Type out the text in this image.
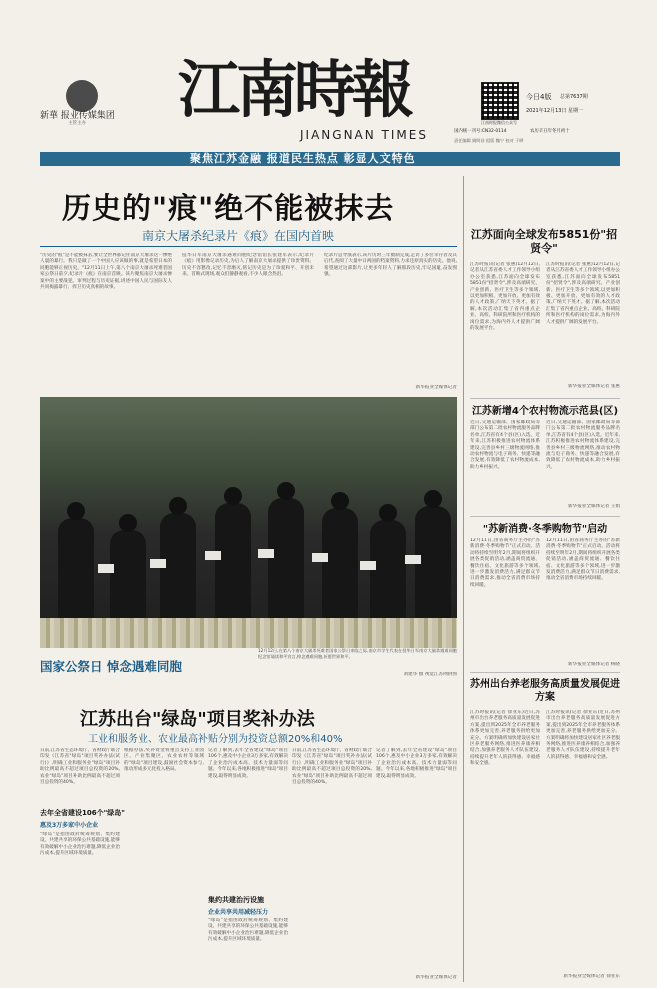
新華 报业传媒集团
主管主办 江南時報
JIANGNAN TIMES
江南时报微信公众号
今日4版 总第7637期
2021年12月13日 星期一
国内统一刊号:CN32-0114	农历辛丑年冬月初十
责任编辑 姚明昌 组版 魏宁 校对 于晔
聚焦江苏金融 报道民生热点 彰显人文特色
历史的"痕"绝不能被抹去
南京大屠杀纪录片《痕》在国内首映
"历史的"痕"是不能被抹去,要让全世界都记住南京大屠杀这一惨绝人寰的暴行。我只是做了一个中国人应该做的事,就是希望日本的同胞能够正视历史。"12月11日上午,第八个南京大屠杀死难者国家公祭日前夕,纪录片《痕》在南京首映。该片聚焦南京大屠杀惨案中的主要战犯、审判过程与历史证据,讲述中国人民与国际友人共同揭露暴行、捍卫历史真相的故事。
侵华日军南京大屠杀遇难同胞纪念馆馆长张建军表示,纪录片《痕》用影像记录历史,为后人了解南京大屠杀提供了珍贵资料。历史不容篡改,记忆不容磨灭,铭记历史是为了珍爱和平、开创未来。首映式现场,观众们静静观看,不少人眼含热泪。
纪录片总导演表示,该片历时三年摄制完成,走访了多位幸存者及其后代,查阅了大量中日两国的档案资料,力求还原真实的历史。他说,希望通过这部影片,让更多年轻人了解那段历史,牢记国耻,奋发图强。
新华报业全媒体记者
12月12日,在第八个南京大屠杀死难者国家公祭日来临之际,南京市学生代表在侵华日军南京大屠杀遇难同胞纪念馆诵读和平宣言,悼念遇难同胞,祈愿世界和平。
国家公祭日 悼念遇难同胞
刘建华 摄 视觉江苏网供图
江苏出台"绿岛"项目奖补办法
工业和服务业、农业最高补贴分别为投资总额20%和40%
日前,江苏省生态环境厅、省财政厅联合印发《江苏省"绿岛"项目奖补办法(试行)》,明确工业和服务业"绿岛"项目补助比例最高不超过项目总投资的20%,农业"绿岛"项目补助比例最高不超过项目总投资的40%。
去年全省建设106个"绿岛"
惠及3万多家中小企业
"绿岛"是指由政府统筹规划、集约建设、共建共享的环保公共基础设施,能够有效破解中小企业治污难题,降低企业治污成本,提升区域环境质量。
根据办法,奖补资金将重点支持工业园区、产业集聚区、农业农村等领域的"绿岛"项目建设,鼓励社会资本参与,推动形成多元化投入格局。
记者了解到,去年全省建设"绿岛"项目106个,惠及中小企业3万多家,有效解决了企业治污成本高、技术力量弱等问题。今年以来,各地积极推进"绿岛"项目建设,取得明显成效。
集约共建治污设施
企业共享共用减轻压力
"绿岛"是指由政府统筹规划、集约建设、共建共享的环保公共基础设施,能够有效破解中小企业治污难题,降低企业治污成本,提升区域环境质量。
日前,江苏省生态环境厅、省财政厅联合印发《江苏省"绿岛"项目奖补办法(试行)》,明确工业和服务业"绿岛"项目补助比例最高不超过项目总投资的20%,农业"绿岛"项目补助比例最高不超过项目总投资的40%。
记者了解到,去年全省建设"绿岛"项目106个,惠及中小企业3万多家,有效解决了企业治污成本高、技术力量弱等问题。今年以来,各地积极推进"绿岛"项目建设,取得明显成效。
新华报业全媒体记者
江苏面向全球发布5851份"招贤令"
江苏时报讯(记者 张惠)12月12日,记者从江苏省委人才工作领导小组办公室获悉,江苏面向全球发布5851份"招贤令",涉及高端研究、产业创新、医疗卫生等多个领域,以更加积极、更加开放、更加有效的人才政策,广纳天下英才。据了解,本次活动汇集了省内重点企业、高校、科研院所和医疗机构的岗位需求,为海内外人才提供广阔的发展平台。
江苏时报讯(记者 张惠)12月12日,记者从江苏省委人才工作领导小组办公室获悉,江苏面向全球发布5851份"招贤令",涉及高端研究、产业创新、医疗卫生等多个领域,以更加积极、更加开放、更加有效的人才政策,广纳天下英才。据了解,本次活动汇集了省内重点企业、高校、科研院所和医疗机构的岗位需求,为海内外人才提供广阔的发展平台。
新华报业全媒体记者 张惠
江苏新增4个农村物流示范县(区)
近日,交通运输部、国家邮政局等部门公布第二批农村物流服务品牌名单,江苏省有4个县(区)入选。近年来,江苏积极推进农村物流体系建设,完善县乡村三级物流网络,推动农村物流与电子商务、快递等融合发展,有效降低了农村物流成本,助力乡村振兴。
近日,交通运输部、国家邮政局等部门公布第二批农村物流服务品牌名单,江苏省有4个县(区)入选。近年来,江苏积极推进农村物流体系建设,完善县乡村三级物流网络,推动农村物流与电子商务、快递等融合发展,有效降低了农村物流成本,助力乡村振兴。
新华报业全媒体记者 王娟
"苏新消费·冬季购物节"启动
12月11日,由省商务厅主办的"苏新消费·冬季购物节"正式启动。活动将持续至明年2月,期间将组织开展各类促销活动,涵盖商贸流通、餐饮住宿、文化旅游等多个领域,进一步激发消费活力,满足群众节日消费需求,推动全省消费市场持续回暖。
12月11日,由省商务厅主办的"苏新消费·冬季购物节"正式启动。活动将持续至明年2月,期间将组织开展各类促销活动,涵盖商贸流通、餐饮住宿、文化旅游等多个领域,进一步激发消费活力,满足群众节日消费需求,推动全省消费市场持续回暖。
新华报业全媒体记者 杨晓
苏州出台养老服务高质量发展促进方案
江苏时报讯(记者 徐亚东)近日,苏州市出台养老服务高质量发展促进方案,提出到2025年全市养老服务体系更加完善,养老服务供给更加充分。方案明确将加快建设居家社区养老服务网络,推进医养康养相结合,加强养老服务人才队伍建设,持续提升老年人的获得感、幸福感和安全感。
江苏时报讯(记者 徐亚东)近日,苏州市出台养老服务高质量发展促进方案,提出到2025年全市养老服务体系更加完善,养老服务供给更加充分。方案明确将加快建设居家社区养老服务网络,推进医养康养相结合,加强养老服务人才队伍建设,持续提升老年人的获得感、幸福感和安全感。
新华报业全媒体记者 徐亚东
